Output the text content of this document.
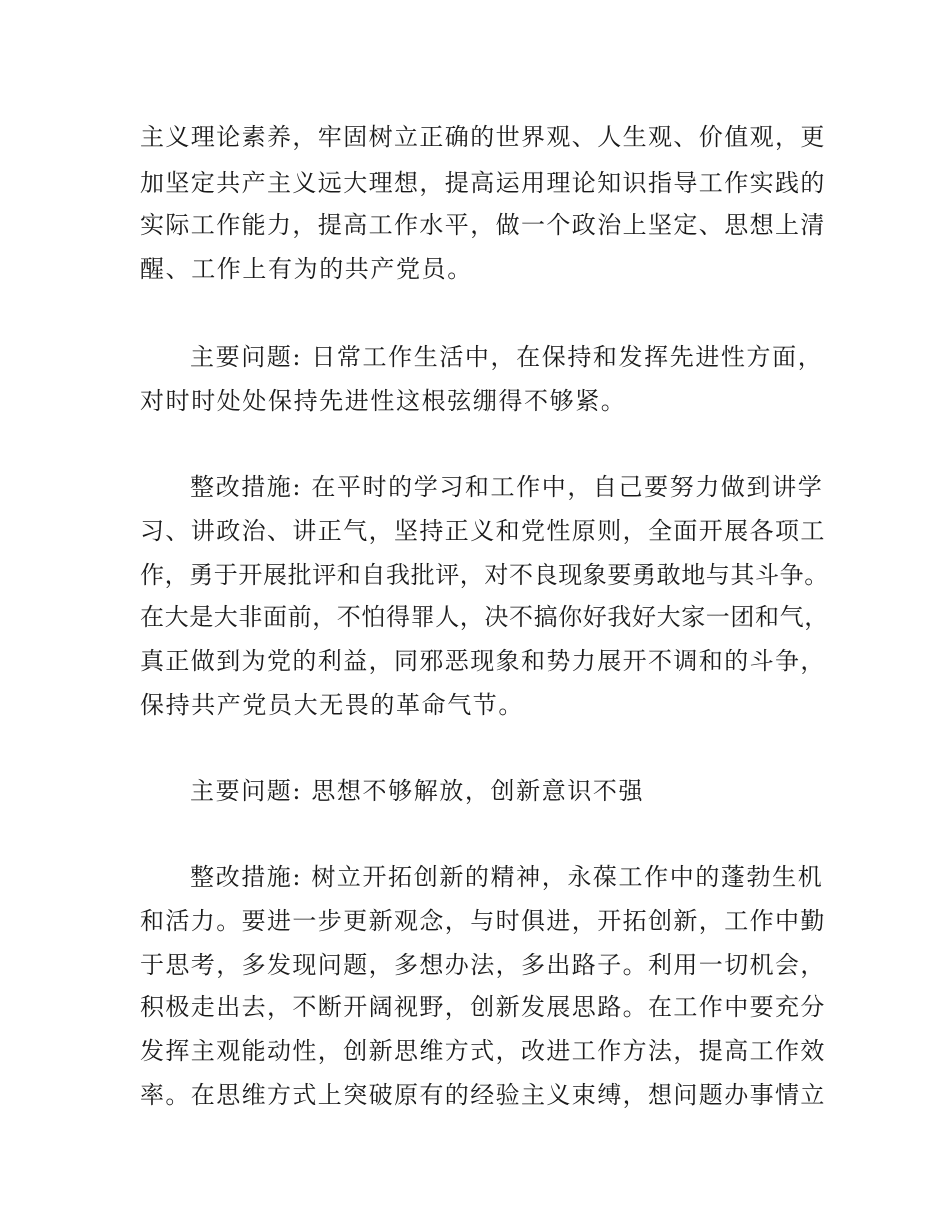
主义理论素养，牢固树立正确的世界观、人生观、价值观，更

加坚定共产主义远大理想，提高运用理论知识指导工作实践的

实际工作能力，提高工作水平，做一个政治上坚定、思想上清

醒、工作上有为的共产党员。

主要问题: 日常工作生活中，在保持和发挥先进性方面，

对时时处处保持先进性这根弦绷得不够紧。

整改措施: 在平时的学习和工作中，自己要努力做到讲学

习、讲政治、讲正气，坚持正义和党性原则，全面开展各项工

作，勇于开展批评和自我批评，对不良现象要勇敢地与其斗争。

在大是大非面前，不怕得罪人，决不搞你好我好大家一团和气，

真正做到为党的利益，同邪恶现象和势力展开不调和的斗争，

保持共产党员大无畏的革命气节。

主要问题: 思想不够解放，创新意识不强

整改措施: 树立开拓创新的精神，永葆工作中的蓬勃生机

和活力。要进一步更新观念，与时俱进，开拓创新，工作中勤

于思考，多发现问题，多想办法，多出路子。利用一切机会，

积极走出去，不断开阔视野，创新发展思路。在工作中要充分

发挥主观能动性，创新思维方式，改进工作方法，提高工作效

率。在思维方式上突破原有的经验主义束缚，想问题办事情立
